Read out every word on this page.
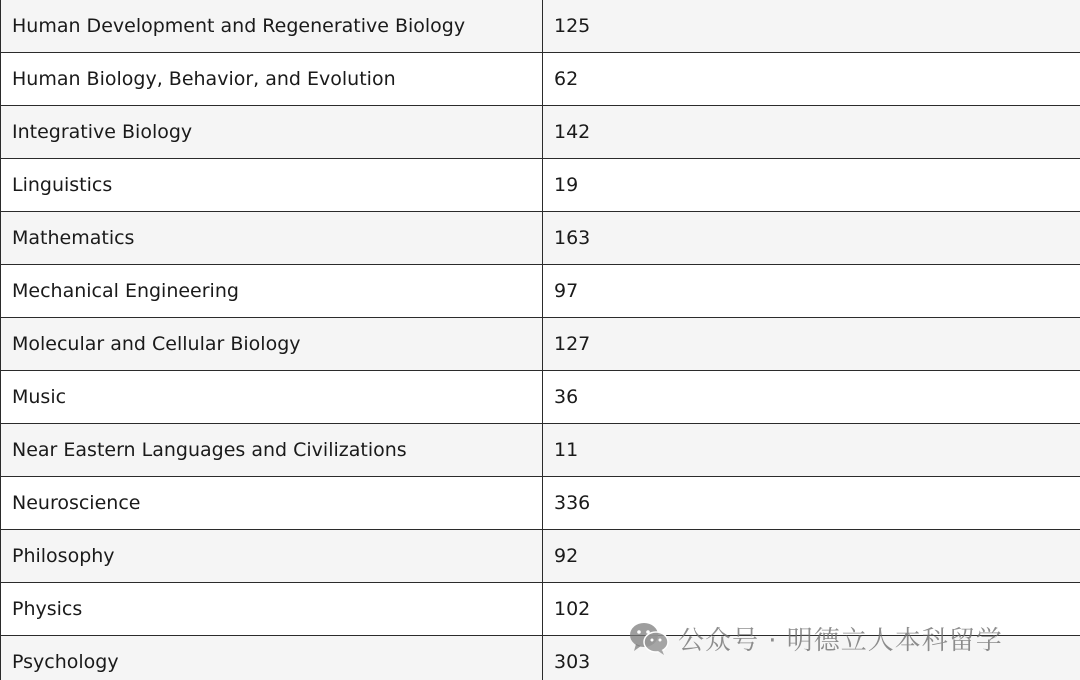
Human Development and Regenerative Biology	125
Human Biology, Behavior, and Evolution	62
Integrative Biology	142
Linguistics	19
Mathematics	163
Mechanical Engineering	97
Molecular and Cellular Biology	127
Music	36
Near Eastern Languages and Civilizations	11
Neuroscience	336
Philosophy	92
Physics	102
Psychology	303
公众号 · 明德立人本科留学
